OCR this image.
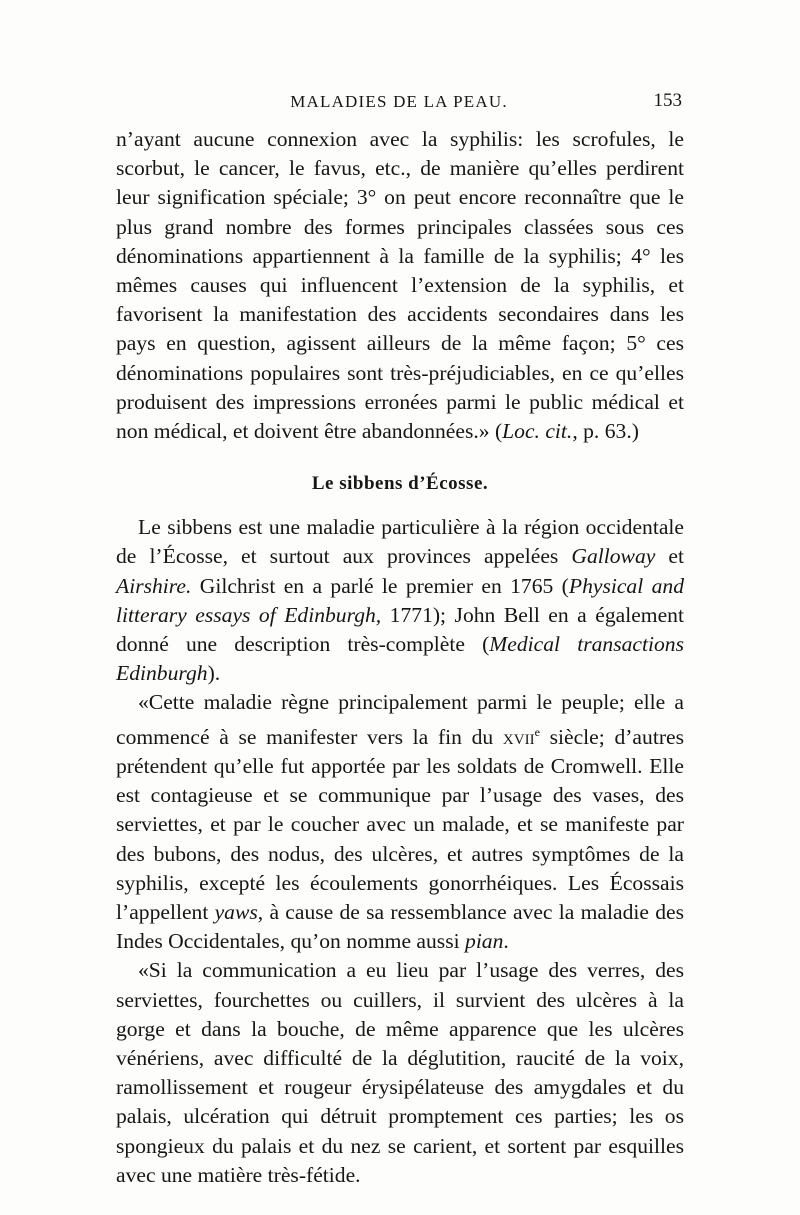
MALADIES DE LA PEAU.	153

n’ayant aucune connexion avec la syphilis: les scrofules, le scorbut, le cancer, le favus, etc., de manière qu’elles perdirent leur signification spéciale; 3° on peut encore reconnaître que le plus grand nombre des formes principales classées sous ces dénominations appartiennent à la famille de la syphilis; 4° les mêmes causes qui influencent l’extension de la syphilis, et favorisent la manifestation des accidents secondaires dans les pays en question, agissent ailleurs de la même façon; 5° ces dénominations populaires sont très-préjudiciables, en ce qu’elles produisent des impressions erronées parmi le public médical et non médical, et doivent être abandonnées.» (Loc. cit., p. 63.)

Le sibbens d’Écosse.

Le sibbens est une maladie particulière à la région occidentale de l’Écosse, et surtout aux provinces appelées Galloway et Airshire. Gilchrist en a parlé le premier en 1765 (Physical and litterary essays of Edinburgh, 1771); John Bell en a également donné une description très-complète (Medical transactions Edinburgh).

«Cette maladie règne principalement parmi le peuple; elle a commencé à se manifester vers la fin du xvii$^e$ siècle; d’autres prétendent qu’elle fut apportée par les soldats de Cromwell. Elle est contagieuse et se communique par l’usage des vases, des serviettes, et par le coucher avec un malade, et se manifeste par des bubons, des nodus, des ulcères, et autres symptômes de la syphilis, excepté les écoulements gonorrhéiques. Les Écossais l’appellent yaws, à cause de sa ressemblance avec la maladie des Indes Occidentales, qu’on nomme aussi pian.

«Si la communication a eu lieu par l’usage des verres, des serviettes, fourchettes ou cuillers, il survient des ulcères à la gorge et dans la bouche, de même apparence que les ulcères vénériens, avec difficulté de la déglutition, raucité de la voix, ramollissement et rougeur érysipélateuse des amygdales et du palais, ulcération qui détruit promptement ces parties; les os spongieux du palais et du nez se carient, et sortent par esquilles avec une matière très-fétide.
